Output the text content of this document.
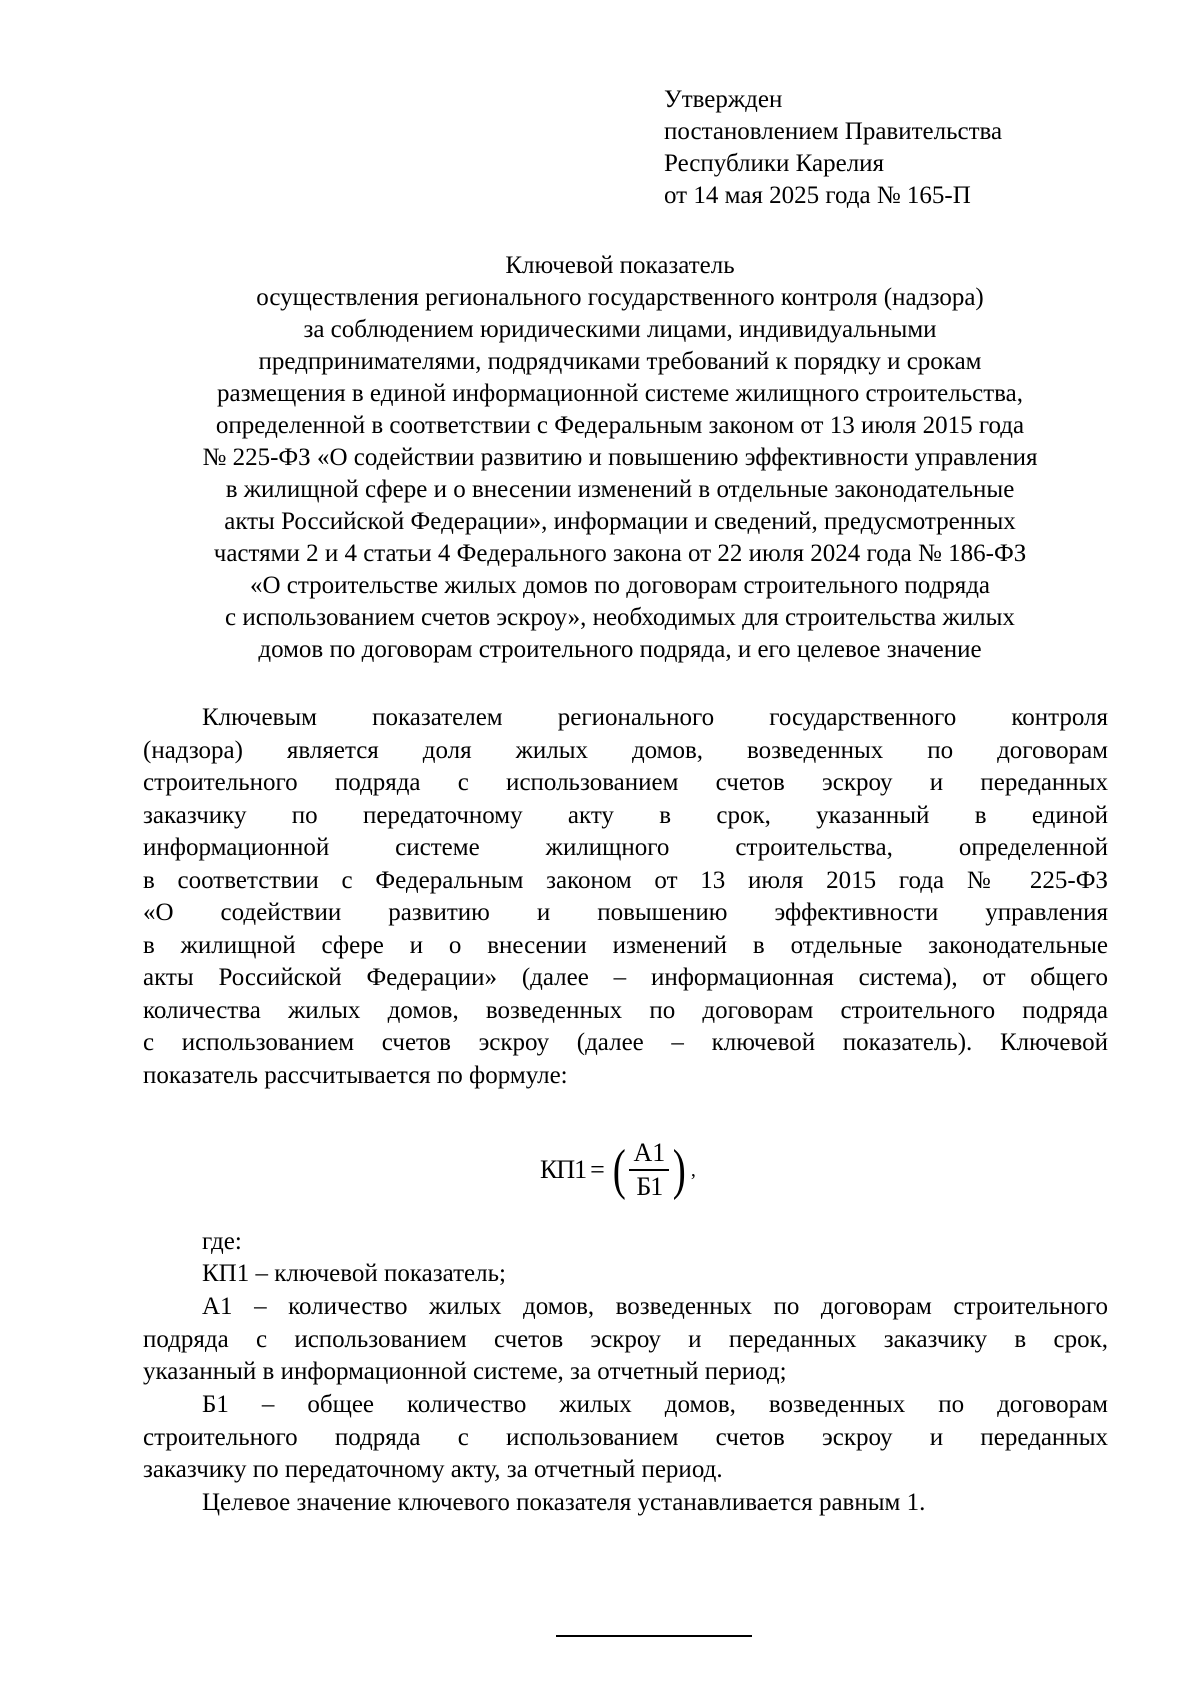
Утвержден
постановлением Правительства
Республики Карелия
от 14 мая 2025 года № 165-П
Ключевой показатель
осуществления регионального государственного контроля (надзора)
за соблюдением юридическими лицами, индивидуальными
предпринимателями, подрядчиками требований к порядку и срокам
размещения в единой информационной системе жилищного строительства,
определенной в соответствии с Федеральным законом от 13 июля 2015 года
№ 225-ФЗ «О содействии развитию и повышению эффективности управления
в жилищной сфере и о внесении изменений в отдельные законодательные
акты Российской Федерации», информации и сведений, предусмотренных
частями 2 и 4 статьи 4 Федерального закона от 22 июля 2024 года № 186-ФЗ
«О строительстве жилых домов по договорам строительного подряда
с использованием счетов эскроу», необходимых для строительства жилых
домов по договорам строительного подряда, и его целевое значение
Ключевым показателем регионального государственного контроля
(надзора) является доля жилых домов, возведенных по договорам
строительного подряда с использованием счетов эскроу и переданных
заказчику по передаточному акту в срок, указанный в единой
информационной системе жилищного строительства, определенной
в соответствии с Федеральным законом от 13 июля 2015 года № 225-ФЗ
«О содействии развитию и повышению эффективности управления
в жилищной сфере и о внесении изменений в отдельные законодательные
акты Российской Федерации» (далее – информационная система), от общего
количества жилых домов, возведенных по договорам строительного подряда
с использованием счетов эскроу (далее – ключевой показатель). Ключевой
показатель рассчитывается по формуле:
КП1 = ( $\frac{А1}{Б1}$ ) ,
где:
КП1 – ключевой показатель;
А1 – количество жилых домов, возведенных по договорам строительного
подряда с использованием счетов эскроу и переданных заказчику в срок,
указанный в информационной системе, за отчетный период;
Б1 – общее количество жилых домов, возведенных по договорам
строительного подряда с использованием счетов эскроу и переданных
заказчику по передаточному акту, за отчетный период.
Целевое значение ключевого показателя устанавливается равным 1.
